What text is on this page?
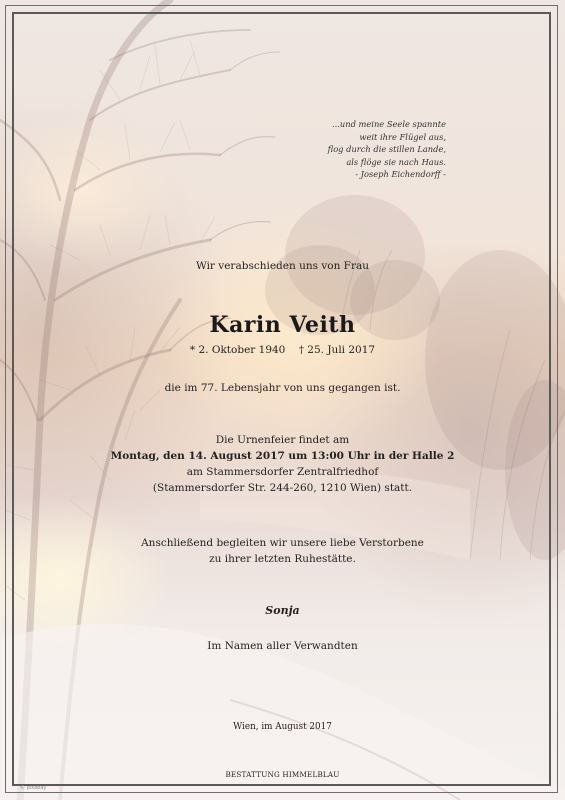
...und meine Seele spannte
weit ihre Flügel aus,
flog durch die stillen Lande,
als flöge sie nach Haus.
- Joseph Eichendorff -
Wir verabschieden uns von Frau
Karin Veith
* 2. Oktober 1940 † 25. Juli 2017
die im 77. Lebensjahr von uns gegangen ist.
Die Urnenfeier findet am
Montag, den 14. August 2017 um 13:00 Uhr in der Halle 2
am Stammersdorfer Zentralfriedhof
(Stammersdorfer Str. 244-260, 1210 Wien) statt.
Anschließend begleiten wir unsere liebe Verstorbene
zu ihrer letzten Ruhestätte.
Sonja
Im Namen aller Verwandten
Wien, im August 2017
BESTATTUNG HIMMELBLAU
© pixabay
